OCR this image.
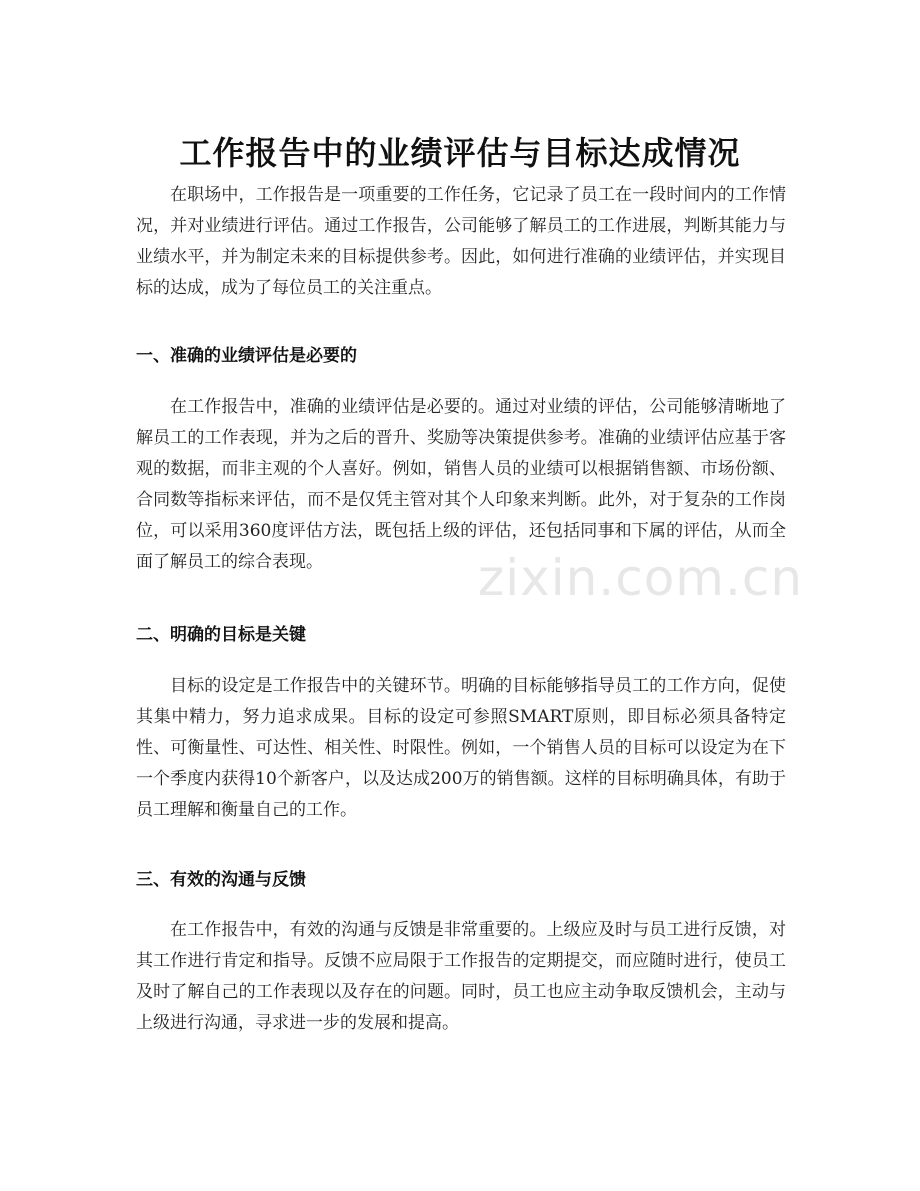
工作报告中的业绩评估与目标达成情况

在职场中，工作报告是一项重要的工作任务，它记录了员工在一段时间内的工作情况，并对业绩进行评估。通过工作报告，公司能够了解员工的工作进展，判断其能力与业绩水平，并为制定未来的目标提供参考。因此，如何进行准确的业绩评估，并实现目标的达成，成为了每位员工的关注重点。

一、准确的业绩评估是必要的

在工作报告中，准确的业绩评估是必要的。通过对业绩的评估，公司能够清晰地了解员工的工作表现，并为之后的晋升、奖励等决策提供参考。准确的业绩评估应基于客观的数据，而非主观的个人喜好。例如，销售人员的业绩可以根据销售额、市场份额、合同数等指标来评估，而不是仅凭主管对其个人印象来判断。此外，对于复杂的工作岗位，可以采用360度评估方法，既包括上级的评估，还包括同事和下属的评估，从而全面了解员工的综合表现。

二、明确的目标是关键

目标的设定是工作报告中的关键环节。明确的目标能够指导员工的工作方向，促使其集中精力，努力追求成果。目标的设定可参照SMART原则，即目标必须具备特定性、可衡量性、可达性、相关性、时限性。例如，一个销售人员的目标可以设定为在下一个季度内获得10个新客户，以及达成200万的销售额。这样的目标明确具体，有助于员工理解和衡量自己的工作。

三、有效的沟通与反馈

在工作报告中，有效的沟通与反馈是非常重要的。上级应及时与员工进行反馈，对其工作进行肯定和指导。反馈不应局限于工作报告的定期提交，而应随时进行，使员工及时了解自己的工作表现以及存在的问题。同时，员工也应主动争取反馈机会，主动与上级进行沟通，寻求进一步的发展和提高。

zixin.com.cn
